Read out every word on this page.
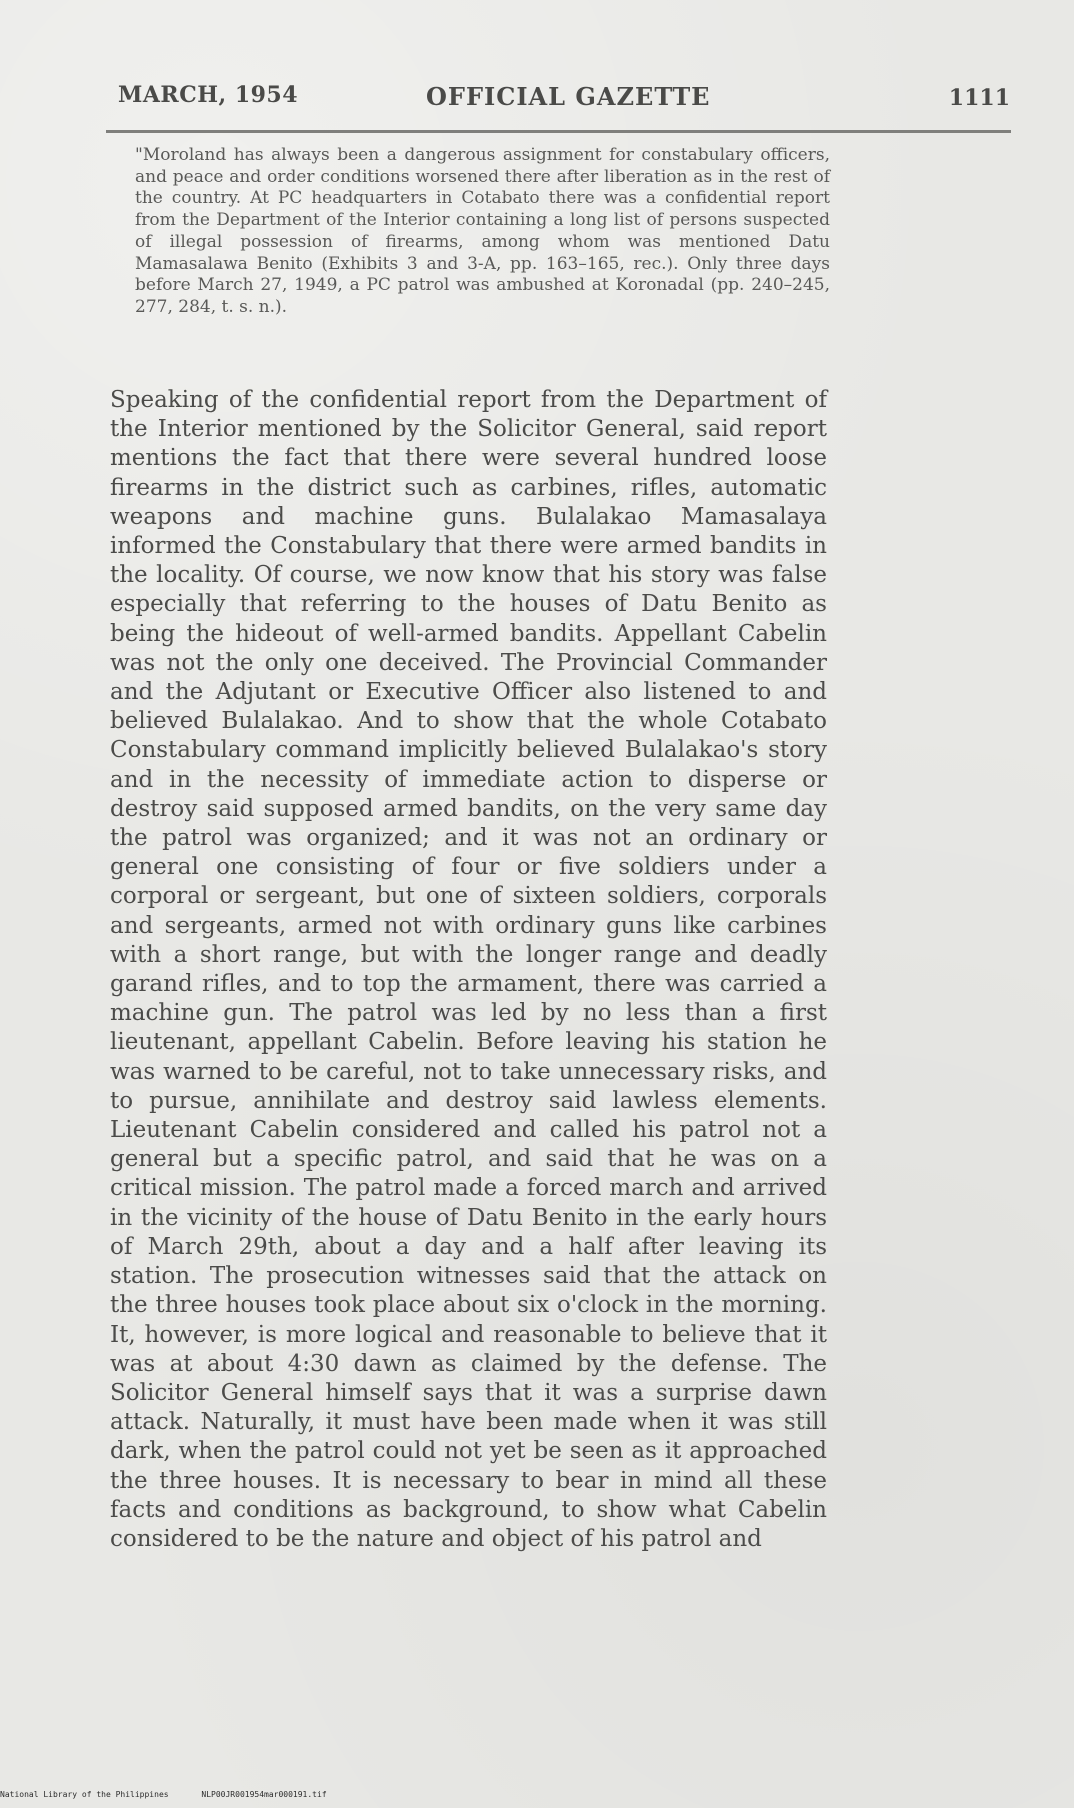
MARCH, 1954	OFFICIAL GAZETTE	1111
"Moroland has always been a dangerous assignment for constabulary officers, and peace and order conditions worsened there after liberation as in the rest of the country. At PC headquarters in Cotabato there was a confidential report from the Department of the Interior containing a long list of persons suspected of illegal possession of firearms, among whom was mentioned Datu Mamasalawa Benito (Exhibits 3 and 3-A, pp. 163–165, rec.). Only three days before March 27, 1949, a PC patrol was ambushed at Koronadal (pp. 240–245, 277, 284, t. s. n.).
Speaking of the confidential report from the Department of the Interior mentioned by the Solicitor General, said report mentions the fact that there were several hundred loose firearms in the district such as carbines, rifles, automatic weapons and machine guns. Bulalakao Mamasalaya informed the Constabulary that there were armed bandits in the locality. Of course, we now know that his story was false especially that referring to the houses of Datu Benito as being the hideout of well-armed bandits. Appellant Cabelin was not the only one deceived. The Provincial Commander and the Adjutant or Executive Officer also listened to and believed Bulalakao. And to show that the whole Cotabato Constabulary command implicitly believed Bulalakao's story and in the necessity of immediate action to disperse or destroy said supposed armed bandits, on the very same day the patrol was organized; and it was not an ordinary or general one consisting of four or five soldiers under a corporal or sergeant, but one of sixteen soldiers, corporals and sergeants, armed not with ordinary guns like carbines with a short range, but with the longer range and deadly garand rifles, and to top the armament, there was carried a machine gun. The patrol was led by no less than a first lieutenant, appellant Cabelin. Before leaving his station he was warned to be careful, not to take unnecessary risks, and to pursue, annihilate and destroy said lawless elements. Lieutenant Cabelin considered and called his patrol not a general but a specific patrol, and said that he was on a critical mission. The patrol made a forced march and arrived in the vicinity of the house of Datu Benito in the early hours of March 29th, about a day and a half after leaving its station. The prosecution witnesses said that the attack on the three houses took place about six o'clock in the morning. It, however, is more logical and reasonable to believe that it was at about 4:30 dawn as claimed by the defense. The Solicitor General himself says that it was a surprise dawn attack. Naturally, it must have been made when it was still dark, when the patrol could not yet be seen as it approached the three houses. It is necessary to bear in mind all these facts and conditions as background, to show what Cabelin considered to be the nature and object of his patrol and
National Library of the Philippines	NLP00JR001954mar000191.tif
